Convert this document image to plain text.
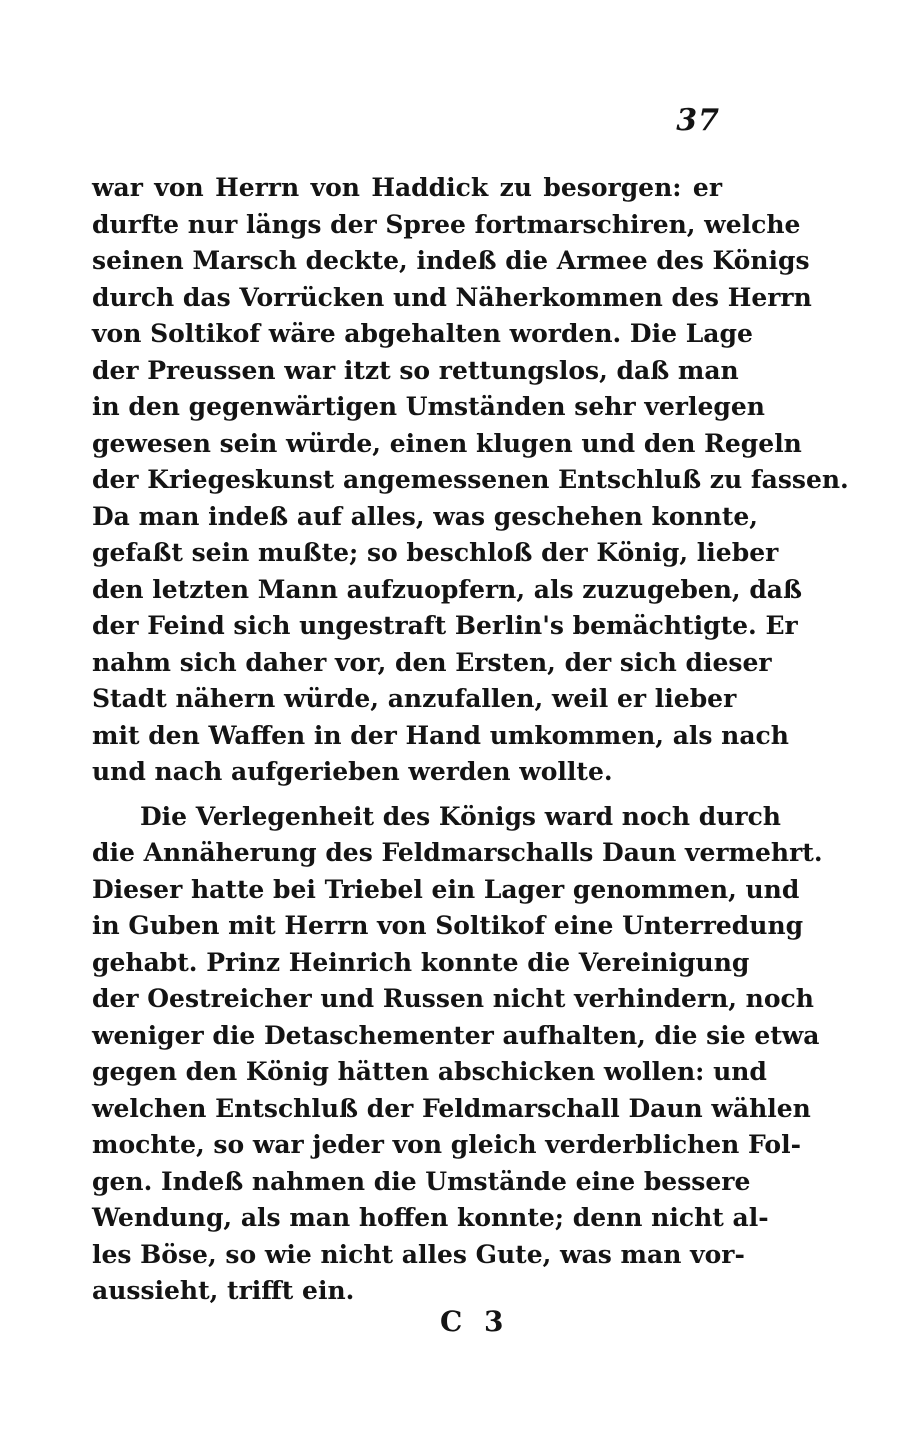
37
war von Herrn von Haddick zu besorgen: er
durfte nur längs der Spree fortmarschiren, welche
seinen Marsch deckte, indeß die Armee des Königs
durch das Vorrücken und Näherkommen des Herrn
von Soltikof wäre abgehalten worden. Die Lage
der Preussen war itzt so rettungslos, daß man
in den gegenwärtigen Umständen sehr verlegen
gewesen sein würde, einen klugen und den Regeln
der Kriegeskunst angemessenen Entschluß zu fassen.
Da man indeß auf alles, was geschehen konnte,
gefaßt sein mußte; so beschloß der König, lieber
den letzten Mann aufzuopfern, als zuzugeben, daß
der Feind sich ungestraft Berlin's bemächtigte. Er
nahm sich daher vor, den Ersten, der sich dieser
Stadt nähern würde, anzufallen, weil er lieber
mit den Waffen in der Hand umkommen, als nach
und nach aufgerieben werden wollte.
Die Verlegenheit des Königs ward noch durch
die Annäherung des Feldmarschalls Daun vermehrt.
Dieser hatte bei Triebel ein Lager genommen, und
in Guben mit Herrn von Soltikof eine Unterredung
gehabt. Prinz Heinrich konnte die Vereinigung
der Oestreicher und Russen nicht verhindern, noch
weniger die Detaschementer aufhalten, die sie etwa
gegen den König hätten abschicken wollen: und
welchen Entschluß der Feldmarschall Daun wählen
mochte, so war jeder von gleich verderblichen Fol-
gen. Indeß nahmen die Umstände eine bessere
Wendung, als man hoffen konnte; denn nicht al-
les Böse, so wie nicht alles Gute, was man vor-
aussieht, trifft ein.
C 3
